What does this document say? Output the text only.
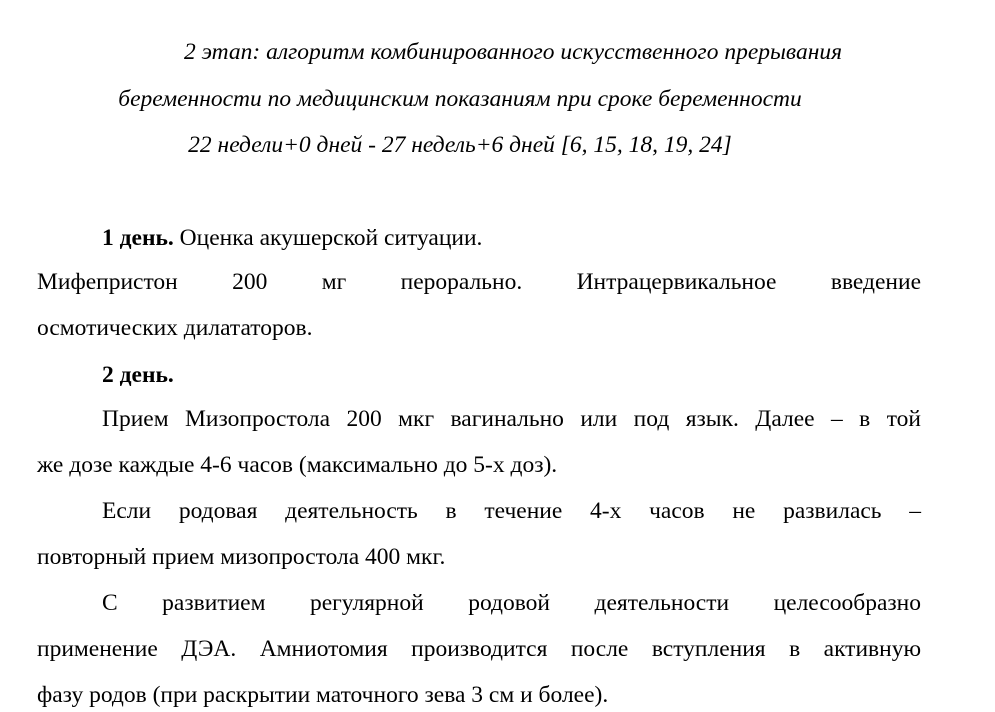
2 этап: алгоритм комбинированного искусственного прерывания
беременности по медицинским показаниям при сроке беременности
22 недели+0 дней - 27 недель+6 дней [6, 15, 18, 19, 24]
1 день. Оценка акушерской ситуации.
Мифепристон 200 мг перорально. Интрацервикальное введение
осмотических дилататоров.
2 день.
Прием Мизопростола 200 мкг вагинально или под язык. Далее – в той
же дозе каждые 4-6 часов (максимально до 5-х доз).
Если родовая деятельность в течение 4-х часов не развилась –
повторный прием мизопростола 400 мкг.
С развитием регулярной родовой деятельности целесообразно
применение ДЭА. Амниотомия производится после вступления в активную
фазу родов (при раскрытии маточного зева 3 см и более).
